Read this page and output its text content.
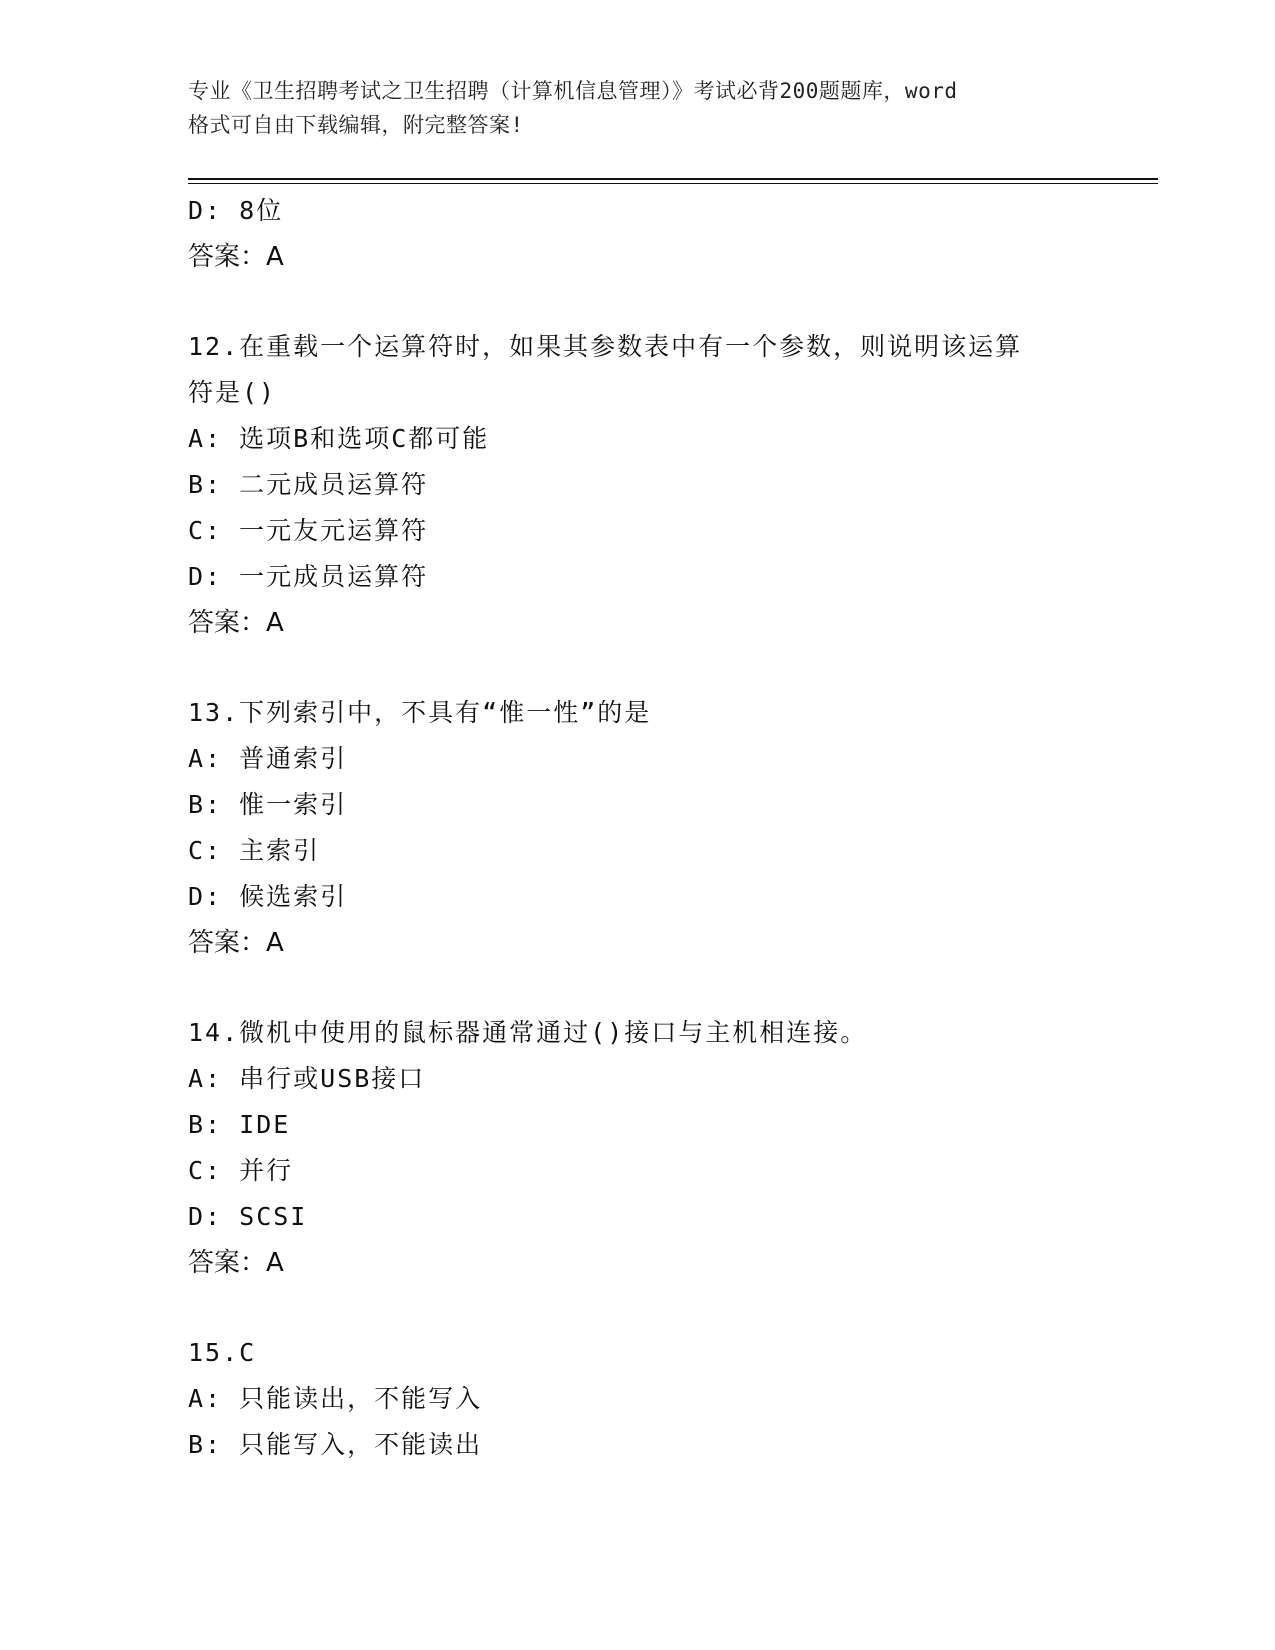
专业《卫生招聘考试之卫生招聘（计算机信息管理）》考试必背200题题库，word
格式可自由下载编辑，附完整答案!
D: 8位
答案：A
12.在重载一个运算符时，如果其参数表中有一个参数，则说明该运算
符是()
A: 选项B和选项C都可能
B: 二元成员运算符
C: 一元友元运算符
D: 一元成员运算符
答案：A
13.下列索引中，不具有“惟一性”的是
A: 普通索引
B: 惟一索引
C: 主索引
D: 候选索引
答案：A
14.微机中使用的鼠标器通常通过()接口与主机相连接。
A: 串行或USB接口
B: IDE
C: 并行
D: SCSI
答案：A
15.C
A: 只能读出，不能写入
B: 只能写入，不能读出
